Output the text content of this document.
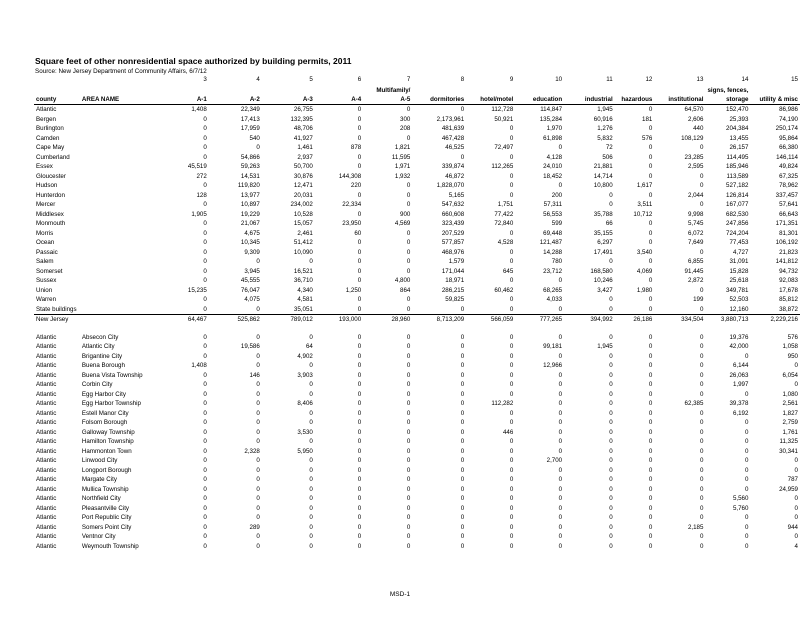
Square feet of other nonresidential space authorized by building permits, 2011
Source: New Jersey Department of Community Affairs, 6/7/12
		3	4	5	6	7	8	9	10	11	12	13	14	15
						Multifamily/							signs, fences,	
county	AREA NAME	A-1	A-2	A-3	A-4	A-5	dormitories	hotel/motel	education	industrial	hazardous	institutional	storage	utility & misc
Atlantic		1,408	22,349	26,755	0	0	0	112,728	114,847	1,945	0	64,570	152,470	86,986
Bergen		0	17,413	132,395	0	300	2,173,961	50,921	135,284	60,916	181	2,606	25,393	74,190
Burlington		0	17,959	48,706	0	208	481,639	0	1,970	1,276	0	440	204,384	250,174
Camden		0	540	41,927	0	0	467,428	0	61,898	5,832	576	108,129	13,455	95,864
Cape May		0	0	1,461	878	1,821	46,525	72,497	0	72	0	0	26,157	66,380
Cumberland		0	54,866	2,937	0	11,595	0	0	4,128	506	0	23,285	114,495	146,114
Essex		45,519	59,263	50,700	0	1,971	339,874	112,265	24,010	21,881	0	2,595	185,946	49,824
Gloucester		272	14,531	30,876	144,308	1,932	46,872	0	18,452	14,714	0	0	113,589	67,325
Hudson		0	119,820	12,471	220	0	1,828,070	0	0	10,800	1,617	0	527,182	78,962
Hunterdon		128	13,977	20,031	0	0	5,165	0	200	0	0	2,044	126,814	337,457
Mercer		0	10,897	234,002	22,334	0	547,632	1,751	57,311	0	3,511	0	167,077	57,641
Middlesex		1,905	19,229	10,528	0	900	660,608	77,422	56,553	35,788	10,712	9,998	682,530	66,643
Monmouth		0	21,067	15,057	23,950	4,569	323,439	72,840	599	66	0	5,745	247,856	171,351
Morris		0	4,675	2,461	60	0	207,529	0	69,448	35,155	0	6,072	724,204	81,301
Ocean		0	10,345	51,412	0	0	577,857	4,528	121,487	6,297	0	7,649	77,453	106,192
Passaic		0	9,309	10,090	0	0	468,976	0	14,288	17,491	3,540	0	4,727	21,823
Salem		0	0	0	0	0	1,579	0	780	0	0	6,855	31,091	141,812
Somerset		0	3,945	16,521	0	0	171,044	645	23,712	168,580	4,069	91,445	15,828	94,732
Sussex		0	45,555	36,710	0	4,800	18,971	0	0	10,246	0	2,872	25,618	92,083
Union		15,235	76,047	4,340	1,250	864	286,215	60,462	68,265	3,427	1,980	0	349,781	17,678
Warren		0	4,075	4,581	0	0	59,825	0	4,033	0	0	199	52,503	85,812
State buildings		0	0	35,051	0	0	0	0	0	0	0	0	12,160	38,872
New Jersey		64,467	525,862	789,012	193,000	28,960	8,713,209	566,059	777,265	394,992	26,186	334,504	3,880,713	2,229,216

Atlantic	Absecon City	0	0	0	0	0	0	0	0	0	0	0	19,376	576
Atlantic	Atlantic City	0	19,586	64	0	0	0	0	99,181	1,945	0	0	42,000	1,058
Atlantic	Brigantine City	0	0	4,902	0	0	0	0	0	0	0	0	0	950
Atlantic	Buena Borough	1,408	0	0	0	0	0	0	12,966	0	0	0	6,144	0
Atlantic	Buena Vista Township	0	146	3,903	0	0	0	0	0	0	0	0	26,063	6,054
Atlantic	Corbin City	0	0	0	0	0	0	0	0	0	0	0	1,997	0
Atlantic	Egg Harbor City	0	0	0	0	0	0	0	0	0	0	0	0	1,080
Atlantic	Egg Harbor Township	0	0	8,406	0	0	0	112,282	0	0	0	62,385	39,378	2,561
Atlantic	Estell Manor City	0	0	0	0	0	0	0	0	0	0	0	6,192	1,827
Atlantic	Folsom Borough	0	0	0	0	0	0	0	0	0	0	0	0	2,759
Atlantic	Galloway Township	0	0	3,530	0	0	0	446	0	0	0	0	0	1,761
Atlantic	Hamilton Township	0	0	0	0	0	0	0	0	0	0	0	0	11,325
Atlantic	Hammonton Town	0	2,328	5,950	0	0	0	0	0	0	0	0	0	30,341
Atlantic	Linwood City	0	0	0	0	0	0	0	2,700	0	0	0	0	0
Atlantic	Longport Borough	0	0	0	0	0	0	0	0	0	0	0	0	0
Atlantic	Margate City	0	0	0	0	0	0	0	0	0	0	0	0	787
Atlantic	Mullica Township	0	0	0	0	0	0	0	0	0	0	0	0	24,959
Atlantic	Northfield City	0	0	0	0	0	0	0	0	0	0	0	5,560	0
Atlantic	Pleasantville City	0	0	0	0	0	0	0	0	0	0	0	5,760	0
Atlantic	Port Republic City	0	0	0	0	0	0	0	0	0	0	0	0	0
Atlantic	Somers Point City	0	289	0	0	0	0	0	0	0	0	2,185	0	944
Atlantic	Ventnor City	0	0	0	0	0	0	0	0	0	0	0	0	0
Atlantic	Weymouth Township	0	0	0	0	0	0	0	0	0	0	0	0	4
MSD-1
